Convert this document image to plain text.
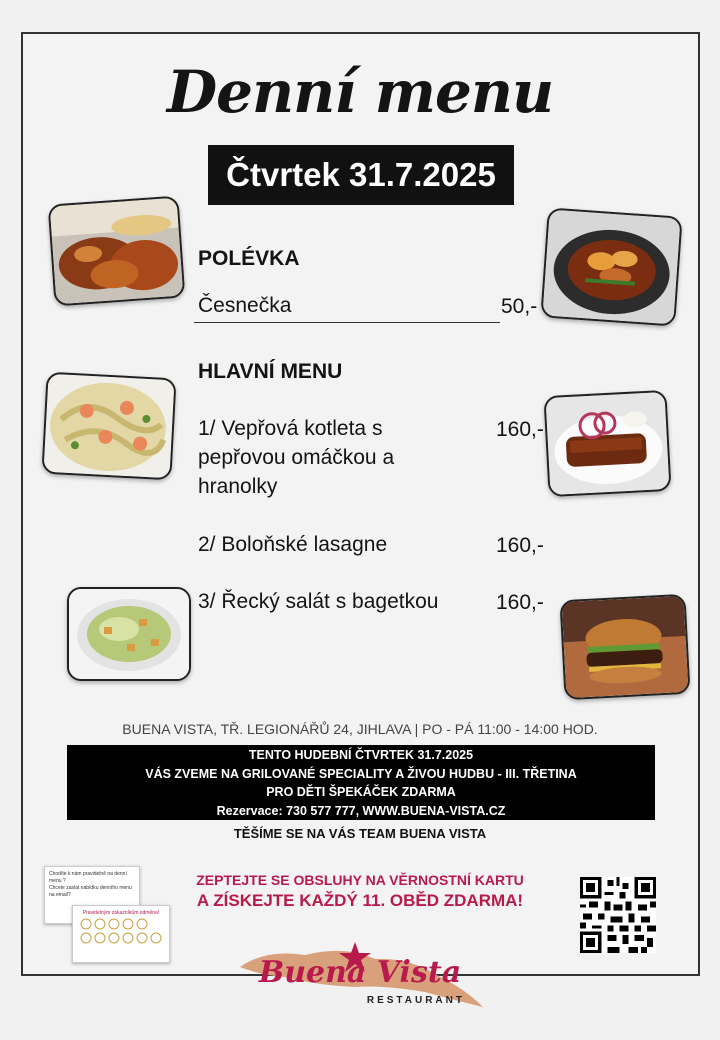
Denní menu
Čtvrtek 31.7.2025
POLÉVKA
Česnečka	50,-
HLAVNÍ MENU
1/ Vepřová kotleta s
pepřovou omáčkou a
hranolky
160,-
2/ Boloňské lasagne	160,-
3/ Řecký salát s bagetkou	160,-
BUENA VISTA, TŘ. LEGIONÁŘŮ 24, JIHLAVA | PO - PÁ 11:00 - 14:00 HOD.
TENTO HUDEBNÍ ČTVRTEK 31.7.2025
VÁS ZVEME NA GRILOVANÉ SPECIALITY A ŽIVOU HUDBU - III. TŘETINA
PRO DĚTI ŠPEKÁČEK ZDARMA
Rezervace: 730 577 777, WWW.BUENA-VISTA.CZ
TĚŠÍME SE NA VÁS TEAM BUENA VISTA
ZEPTEJTE SE OBSLUHY NA VĚRNOSTNÍ KARTU
A ZÍSKEJTE KAŽDÝ 11. OBĚD ZDARMA!
Chodíte k nám pravidelně na denní menu ?
Chcete zaslat nabídku denního menu na email?
Pravidelným zákazníkům odměna!
Buena Vista
RESTAURANT
